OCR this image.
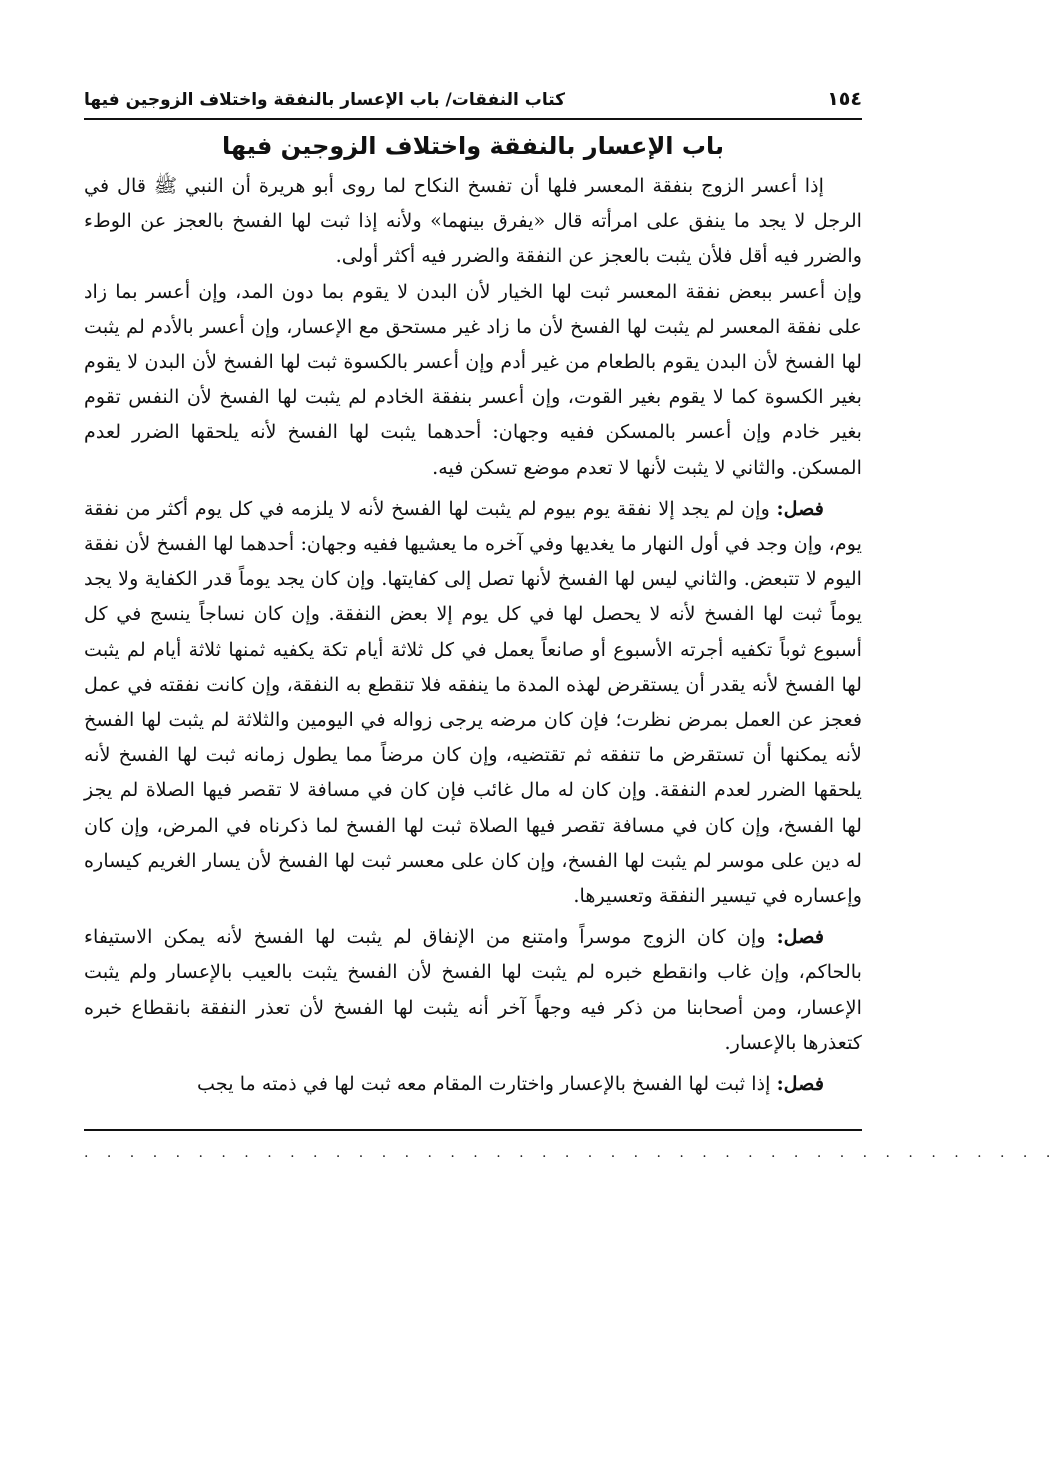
١٥٤
كتاب النفقات/ باب الإعسار بالنفقة واختلاف الزوجين فيها
باب الإعسار بالنفقة واختلاف الزوجين فيها

إذا أعسر الزوج بنفقة المعسر فلها أن تفسخ النكاح لما روى أبو هريرة أن النبي ﷺ قال في الرجل لا يجد ما ينفق على امرأته قال «يفرق بينهما» ولأنه إذا ثبت لها الفسخ بالعجز عن الوطء والضرر فيه أقل فلأن يثبت بالعجز عن النفقة والضرر فيه أكثر أولى.

وإن أعسر ببعض نفقة المعسر ثبت لها الخيار لأن البدن لا يقوم بما دون المد، وإن أعسر بما زاد على نفقة المعسر لم يثبت لها الفسخ لأن ما زاد غير مستحق مع الإعسار، وإن أعسر بالأدم لم يثبت لها الفسخ لأن البدن يقوم بالطعام من غير أدم وإن أعسر بالكسوة ثبت لها الفسخ لأن البدن لا يقوم بغير الكسوة كما لا يقوم بغير القوت، وإن أعسر بنفقة الخادم لم يثبت لها الفسخ لأن النفس تقوم بغير خادم وإن أعسر بالمسكن ففيه وجهان: أحدهما يثبت لها الفسخ لأنه يلحقها الضرر لعدم المسكن. والثاني لا يثبت لأنها لا تعدم موضع تسكن فيه.

فصل: وإن لم يجد إلا نفقة يوم بيوم لم يثبت لها الفسخ لأنه لا يلزمه في كل يوم أكثر من نفقة يوم، وإن وجد في أول النهار ما يغديها وفي آخره ما يعشيها ففيه وجهان: أحدهما لها الفسخ لأن نفقة اليوم لا تتبعض. والثاني ليس لها الفسخ لأنها تصل إلى كفايتها. وإن كان يجد يوماً قدر الكفاية ولا يجد يوماً ثبت لها الفسخ لأنه لا يحصل لها في كل يوم إلا بعض النفقة. وإن كان نساجاً ينسج في كل أسبوع ثوباً تكفيه أجرته الأسبوع أو صانعاً يعمل في كل ثلاثة أيام تكة يكفيه ثمنها ثلاثة أيام لم يثبت لها الفسخ لأنه يقدر أن يستقرض لهذه المدة ما ينفقه فلا تنقطع به النفقة، وإن كانت نفقته في عمل فعجز عن العمل بمرض نظرت؛ فإن كان مرضه يرجى زواله في اليومين والثلاثة لم يثبت لها الفسخ لأنه يمكنها أن تستقرض ما تنفقه ثم تقتضيه، وإن كان مرضاً مما يطول زمانه ثبت لها الفسخ لأنه يلحقها الضرر لعدم النفقة. وإن كان له مال غائب فإن كان في مسافة لا تقصر فيها الصلاة لم يجز لها الفسخ، وإن كان في مسافة تقصر فيها الصلاة ثبت لها الفسخ لما ذكرناه في المرض، وإن كان له دين على موسر لم يثبت لها الفسخ، وإن كان على معسر ثبت لها الفسخ لأن يسار الغريم كيساره وإعساره في تيسير النفقة وتعسيرها.

فصل: وإن كان الزوج موسراً وامتنع من الإنفاق لم يثبت لها الفسخ لأنه يمكن الاستيفاء بالحاكم، وإن غاب وانقطع خبره لم يثبت لها الفسخ لأن الفسخ يثبت بالعيب بالإعسار ولم يثبت الإعسار، ومن أصحابنا من ذكر فيه وجهاً آخر أنه يثبت لها الفسخ لأن تعذر النفقة بانقطاع خبره كتعذرها بالإعسار.

فصل: إذا ثبت لها الفسخ بالإعسار واختارت المقام معه ثبت لها في ذمته ما يجب

. . . . . . . . . . . . . . . . . . . . . . . . . . . . . . . . . . . . . . . . . . .
